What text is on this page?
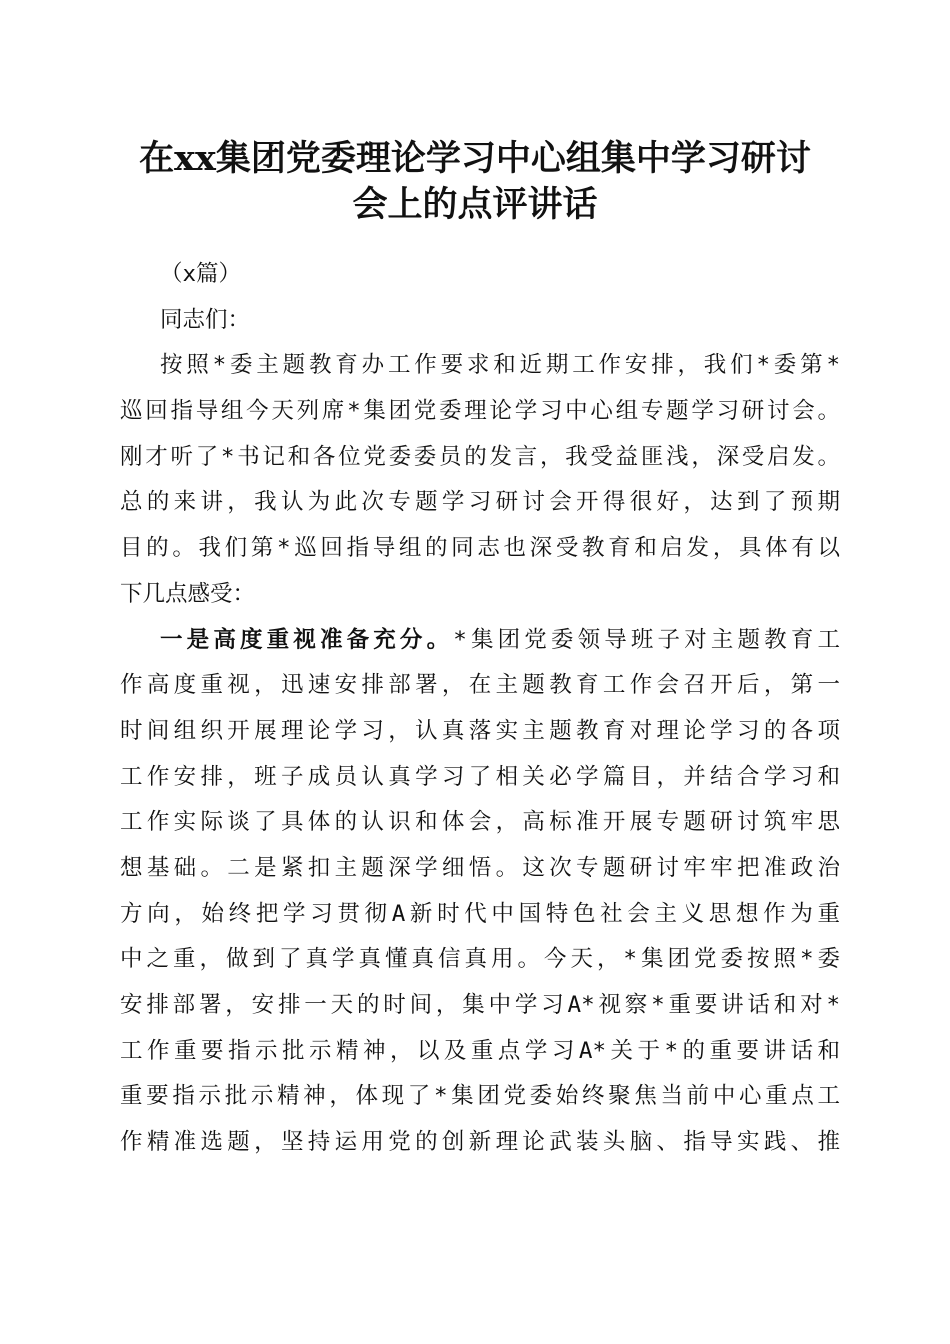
在xx集团党委理论学习中心组集中学习研讨
会上的点评讲话
（x篇）
同志们：
按照*委主题教育办工作要求和近期工作安排，我们*委第*
巡回指导组今天列席*集团党委理论学习中心组专题学习研讨会。
刚才听了*书记和各位党委委员的发言，我受益匪浅，深受启发。
总的来讲，我认为此次专题学习研讨会开得很好，达到了预期
目的。我们第*巡回指导组的同志也深受教育和启发，具体有以
下几点感受：
一是高度重视准备充分。*集团党委领导班子对主题教育工
作高度重视，迅速安排部署，在主题教育工作会召开后，第一
时间组织开展理论学习，认真落实主题教育对理论学习的各项
工作安排，班子成员认真学习了相关必学篇目，并结合学习和
工作实际谈了具体的认识和体会，高标准开展专题研讨筑牢思
想基础。二是紧扣主题深学细悟。这次专题研讨牢牢把准政治
方向，始终把学习贯彻A新时代中国特色社会主义思想作为重
中之重，做到了真学真懂真信真用。今天，*集团党委按照*委
安排部署，安排一天的时间，集中学习A*视察*重要讲话和对*
工作重要指示批示精神，以及重点学习A*关于*的重要讲话和
重要指示批示精神，体现了*集团党委始终聚焦当前中心重点工
作精准选题，坚持运用党的创新理论武装头脑、指导实践、推
